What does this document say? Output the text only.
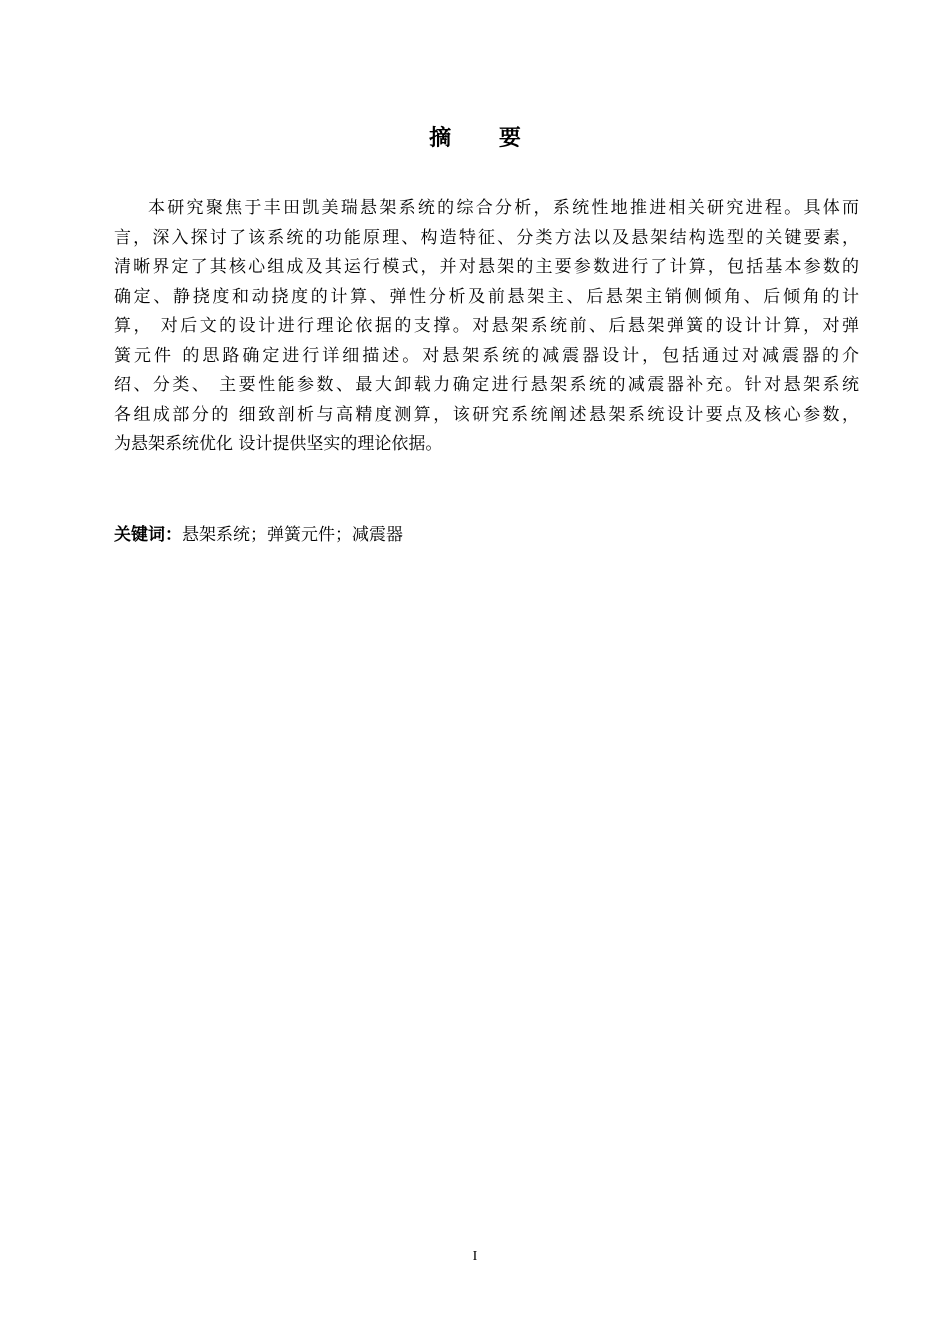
摘 要
本研究聚焦于丰田凯美瑞悬架系统的综合分析，系统性地推进相关研究进程。具体而
言，深入探讨了该系统的功能原理、构造特征、分类方法以及悬架结构选型的关键要素，
清晰界定了其核心组成及其运行模式，并对悬架的主要参数进行了计算，包括基本参数的
确定、静挠度和动挠度的计算、弹性分析及前悬架主、后悬架主销侧倾角、后倾角的计
算， 对后文的设计进行理论依据的支撑。对悬架系统前、后悬架弹簧的设计计算，对弹
簧元件 的思路确定进行详细描述。对悬架系统的减震器设计，包括通过对减震器的介
绍、分类、 主要性能参数、最大卸载力确定进行悬架系统的减震器补充。针对悬架系统
各组成部分的 细致剖析与高精度测算，该研究系统阐述悬架系统设计要点及核心参数，
为悬架系统优化 设计提供坚实的理论依据。
关键词：悬架系统；弹簧元件；减震器
I
